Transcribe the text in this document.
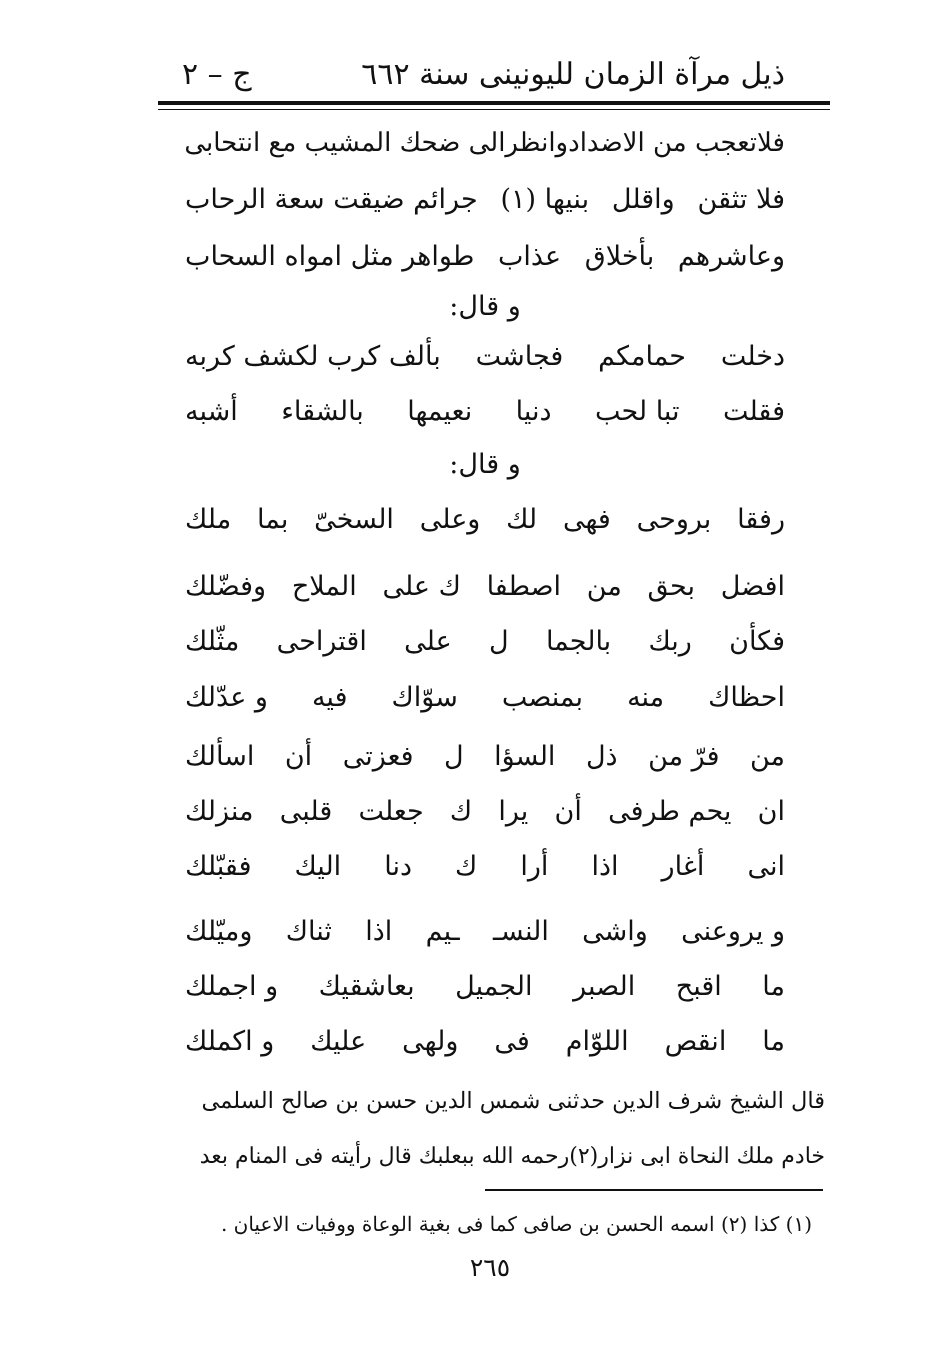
ذيل مرآة الزمان لليونينى سنة ٦٦٢
ج – ٢
فلاتعجب من الاضداد
وانظر
الى ضحك المشيب مع انتحابى
فلا تثقن
واقلل
بنيها (١)
جرائم ضيقت سعة الرحاب
وعاشرهم
بأخلاق
عذاب
طواهر مثل امواه السحاب
و قال:
دخلت
حمامكم
فجاشت
بألف كرب لكشف كربه
فقلت
تبا لحب
دنيا
نعيمها
بالشقاء
أشبه
و قال:
رفقا
بروحى
فهى
لك
وعلى
السخىّ
بما
ملك
افضل
بحق
من
اصطفا
ك على
الملاح
وفضّلك
فكأن
ربك
بالجما
ل
على
اقتراحى
مثّلك
احظاك
منه
بمنصب
سوّاك
فيه
و عدّلك
من
فرّ من
ذل
السؤا
ل
فعزتى
أن
اسألك
ان
يحم طرفى
أن
يرا
ك
جعلت
قلبى
منزلك
انى
أغار
اذا
أرا
ك
دنا
اليك
فقبّلك
و يروعنى
واشى
النسـ
ـيم
اذا
ثناك
وميّلك
ما
اقبح
الصبر
الجميل
بعاشقيك
و اجملك
ما
انقص
اللوّام
فى
ولهى
عليك
و اكملك
قال الشيخ شرف الدين حدثنى شمس الدين حسن بن صالح السلمى
خادم ملك النحاة ابى نزار(٢)رحمه الله ببعلبك قال رأيته فى المنام بعد
(١) كذا (٢) اسمه الحسن بن صافى كما فى بغية الوعاة ووفيات الاعيان .
٢٦٥
